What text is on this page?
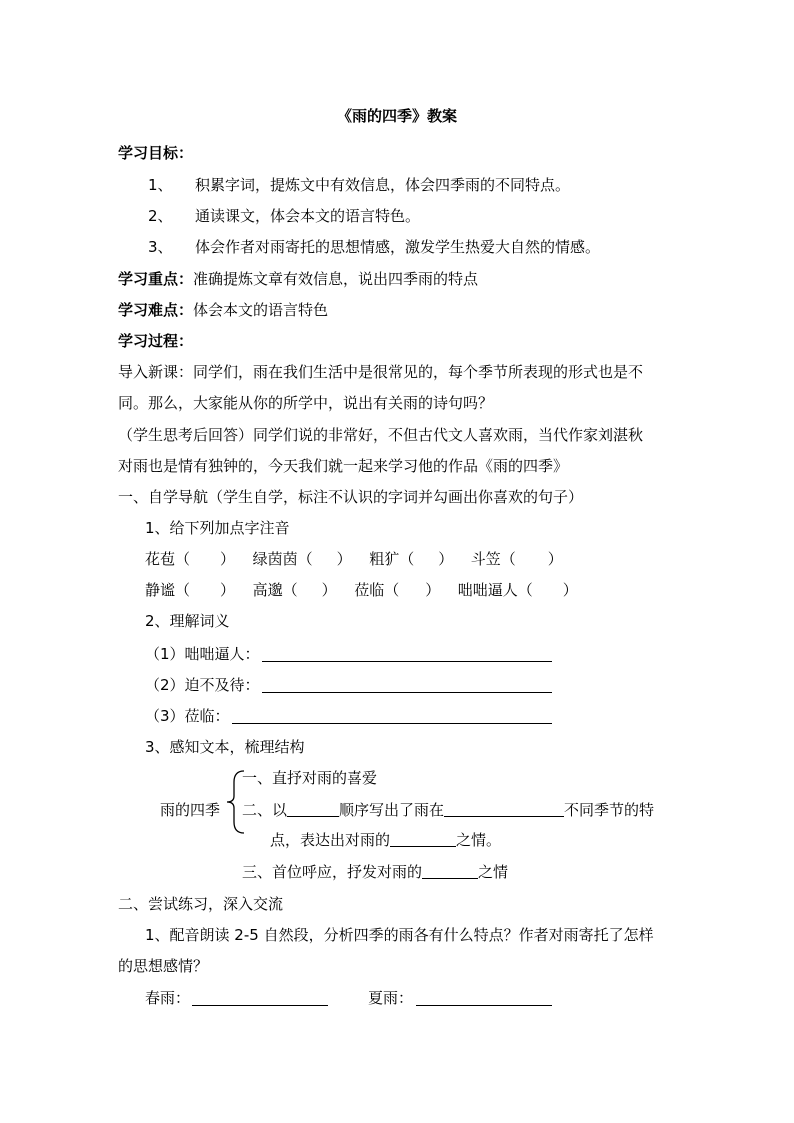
《雨的四季》教案
学习目标：
1、 积累字词，提炼文中有效信息，体会四季雨的不同特点。
2、 通读课文，体会本文的语言特色。
3、 体会作者对雨寄托的思想情感，激发学生热爱大自然的情感。
学习重点：准确提炼文章有效信息，说出四季雨的特点
学习难点：体会本文的语言特色
学习过程：
导入新课：同学们，雨在我们生活中是很常见的，每个季节所表现的形式也是不
同。那么，大家能从你的所学中，说出有关雨的诗句吗？
（学生思考后回答）同学们说的非常好，不但古代文人喜欢雨，当代作家刘湛秋
对雨也是情有独钟的，今天我们就一起来学习他的作品《雨的四季》
一、自学导航（学生自学，标注不认识的字词并勾画出你喜欢的句子）
1、给下列加点字注音
花苞（ ） 绿茵茵（ ） 粗犷（ ） 斗笠（ ）
静谧（ ） 高邈（ ） 莅临（ ） 咄咄逼人（ ）
2、理解词义
（1）咄咄逼人：
（2）迫不及待：
（3）莅临：
3、感知文本，梳理结构
雨的四季
一、直抒对雨的喜爱
二、以	顺序写出了雨在	不同季节的特
点，表达出对雨的	之情。
三、首位呼应，抒发对雨的	之情
二、尝试练习，深入交流
1、配音朗读 2-5 自然段，分析四季的雨各有什么特点？作者对雨寄托了怎样
的思想感情？
春雨：	夏雨：
